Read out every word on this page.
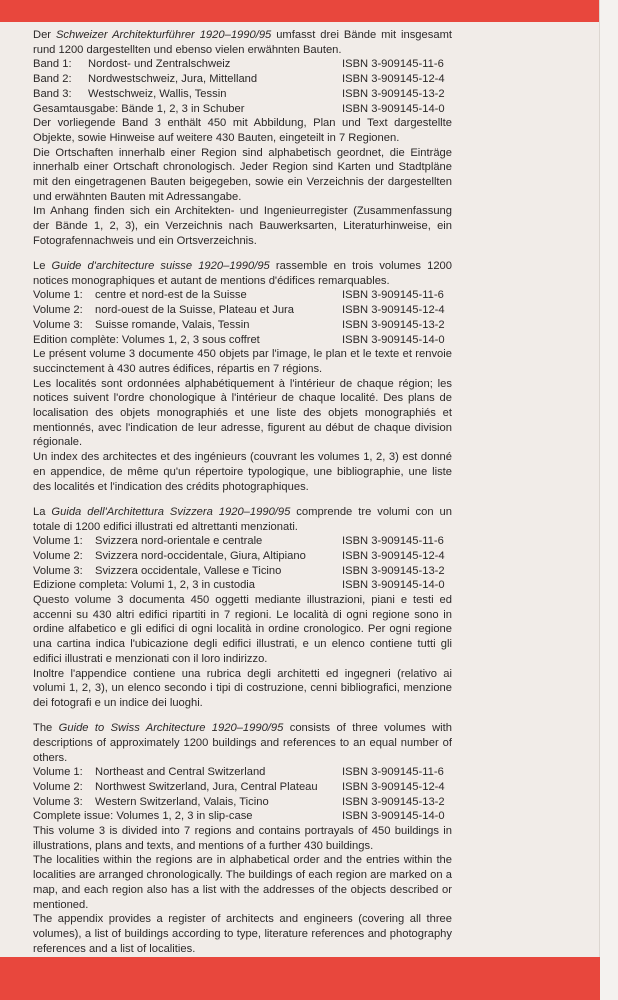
Der Schweizer Architekturführer 1920–1990/95 umfasst drei Bände mit insgesamt rund 1200 dargestellten und ebenso vielen erwähnten Bauten.
Band 1:	Nordost- und Zentralschweiz	ISBN 3-909145-11-6
Band 2:	Nordwestschweiz, Jura, Mittelland	ISBN 3-909145-12-4
Band 3:	Westschweiz, Wallis, Tessin	ISBN 3-909145-13-2
Gesamtausgabe: Bände 1, 2, 3 in Schuber	ISBN 3-909145-14-0
Der vorliegende Band 3 enthält 450 mit Abbildung, Plan und Text dargestellte Objekte, sowie Hinweise auf weitere 430 Bauten, eingeteilt in 7 Regionen.
Die Ortschaften innerhalb einer Region sind alphabetisch geordnet, die Einträge innerhalb einer Ortschaft chronologisch. Jeder Region sind Karten und Stadtpläne mit den eingetragenen Bauten beigegeben, sowie ein Verzeichnis der dargestellten und erwähnten Bauten mit Adressangabe.
Im Anhang finden sich ein Architekten- und Ingenieurregister (Zusammenfassung der Bände 1, 2, 3), ein Verzeichnis nach Bauwerksarten, Literaturhinweise, ein Fotografennachweis und ein Ortsverzeichnis.
Le Guide d'architecture suisse 1920–1990/95 rassemble en trois volumes 1200 notices monographiques et autant de mentions d'édifices remarquables.
Volume 1:	centre et nord-est de la Suisse	ISBN 3-909145-11-6
Volume 2:	nord-ouest de la Suisse, Plateau et Jura	ISBN 3-909145-12-4
Volume 3:	Suisse romande, Valais, Tessin	ISBN 3-909145-13-2
Edition complète: Volumes 1, 2, 3 sous coffret	ISBN 3-909145-14-0
Le présent volume 3 documente 450 objets par l'image, le plan et le texte et renvoie succinctement à 430 autres édifices, répartis en 7 régions.
Les localités sont ordonnées alphabétiquement à l'intérieur de chaque région; les notices suivent l'ordre chonologique à l'intérieur de chaque localité. Des plans de localisation des objets monographiés et une liste des objets monographiés et mentionnés, avec l'indication de leur adresse, figurent au début de chaque division régionale.
Un index des architectes et des ingénieurs (couvrant les volumes 1, 2, 3) est donné en appendice, de même qu'un répertoire typologique, une bibliographie, une liste des localités et l'indication des crédits photographiques.
La Guida dell'Architettura Svizzera 1920–1990/95 comprende tre volumi con un totale di 1200 edifici illustrati ed altrettanti menzionati.
Volume 1:	Svizzera nord-orientale e centrale	ISBN 3-909145-11-6
Volume 2:	Svizzera nord-occidentale, Giura, Altipiano	ISBN 3-909145-12-4
Volume 3:	Svizzera occidentale, Vallese e Ticino	ISBN 3-909145-13-2
Edizione completa: Volumi 1, 2, 3 in custodia	ISBN 3-909145-14-0
Questo volume 3 documenta 450 oggetti mediante illustrazioni, piani e testi ed accenni su 430 altri edifici ripartiti in 7 regioni. Le località di ogni regione sono in ordine alfabetico e gli edifici di ogni località in ordine cronologico. Per ogni regione una cartina indica l'ubicazione degli edifici illustrati, e un elenco contiene tutti gli edifici illustrati e menzionati con il loro indirizzo.
Inoltre l'appendice contiene una rubrica degli architetti ed ingegneri (relativo ai volumi 1, 2, 3), un elenco secondo i tipi di costruzione, cenni bibliografici, menzione dei fotografi e un indice dei luoghi.
The Guide to Swiss Architecture 1920–1990/95 consists of three volumes with descriptions of approximately 1200 buildings and references to an equal number of others.
Volume 1:	Northeast and Central Switzerland	ISBN 3-909145-11-6
Volume 2:	Northwest Switzerland, Jura, Central Plateau	ISBN 3-909145-12-4
Volume 3:	Western Switzerland, Valais, Ticino	ISBN 3-909145-13-2
Complete issue: Volumes 1, 2, 3 in slip-case	ISBN 3-909145-14-0
This volume 3 is divided into 7 regions and contains portrayals of 450 buildings in illustrations, plans and texts, and mentions of a further 430 buildings.
The localities within the regions are in alphabetical order and the entries within the localities are arranged chronologically. The buildings of each region are marked on a map, and each region also has a list with the addresses of the objects described or mentioned.
The appendix provides a register of architects and engineers (covering all three volumes), a list of buildings according to type, literature references and photography references and a list of localities.
